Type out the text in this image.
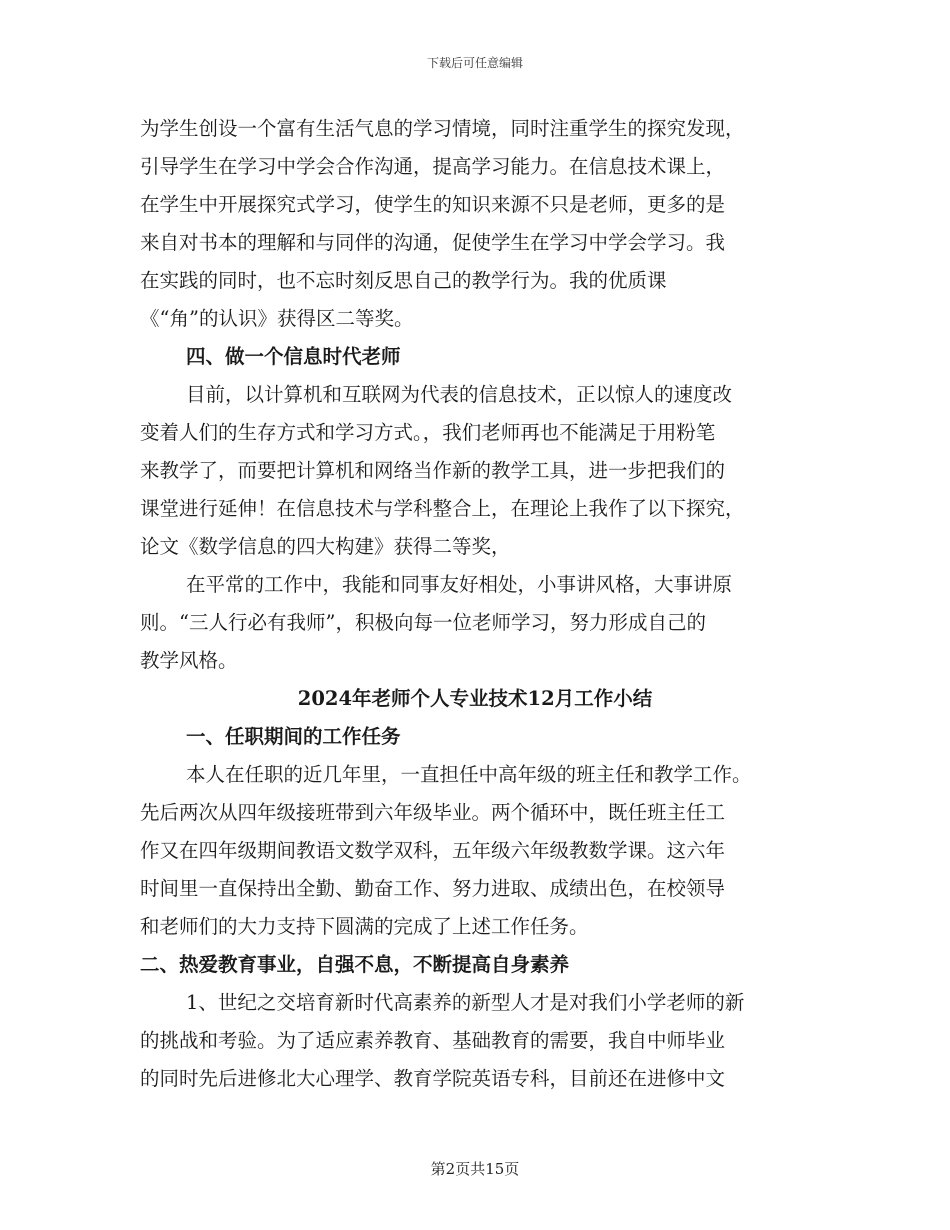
下载后可任意编辑
为学生创设一个富有生活气息的学习情境，同时注重学生的探究发现，
引导学生在学习中学会合作沟通，提高学习能力。在信息技术课上，
在学生中开展探究式学习，使学生的知识来源不只是老师，更多的是
来自对书本的理解和与同伴的沟通，促使学生在学习中学会学习。我
在实践的同时，也不忘时刻反思自己的教学行为。我的优质课
《“角”的认识》获得区二等奖。
四、做一个信息时代老师
目前，以计算机和互联网为代表的信息技术，正以惊人的速度改
变着人们的生存方式和学习方式。，我们老师再也不能满足于用粉笔
来教学了，而要把计算机和网络当作新的教学工具，进一步把我们的
课堂进行延伸！在信息技术与学科整合上，在理论上我作了以下探究，
论文《数学信息的四大构建》获得二等奖，
在平常的工作中，我能和同事友好相处，小事讲风格，大事讲原
则。“三人行必有我师”，积极向每一位老师学习，努力形成自己的
教学风格。
2024年老师个人专业技术12月工作小结
一、任职期间的工作任务
本人在任职的近几年里，一直担任中高年级的班主任和教学工作。
先后两次从四年级接班带到六年级毕业。两个循环中，既任班主任工
作又在四年级期间教语文数学双科，五年级六年级教数学课。这六年
时间里一直保持出全勤、勤奋工作、努力进取、成绩出色，在校领导
和老师们的大力支持下圆满的完成了上述工作任务。
二、热爱教育事业，自强不息，不断提高自身素养
1、世纪之交培育新时代高素养的新型人才是对我们小学老师的新
的挑战和考验。为了适应素养教育、基础教育的需要，我自中师毕业
的同时先后进修北大心理学、教育学院英语专科，目前还在进修中文
第2页共15页
